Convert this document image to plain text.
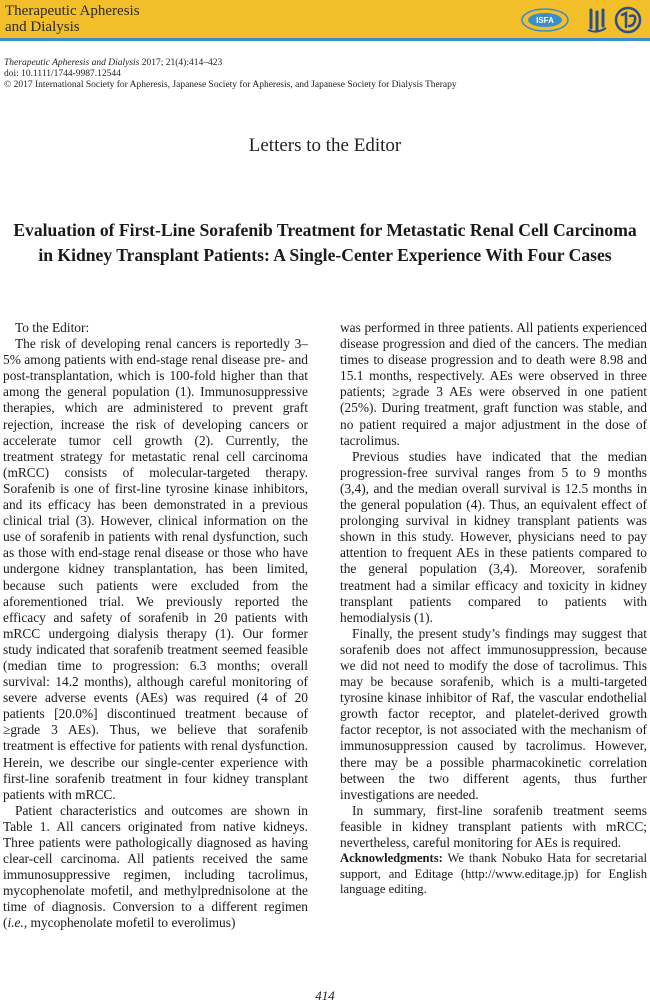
Therapeutic Apheresis
and Dialysis	ISFA
Therapeutic Apheresis and Dialysis 2017; 21(4):414–423
doi: 10.1111/1744-9987.12544
© 2017 International Society for Apheresis, Japanese Society for Apheresis, and Japanese Society for Dialysis Therapy
Letters to the Editor
Evaluation of First-Line Sorafenib Treatment for Metastatic Renal Cell Carcinoma in Kidney Transplant Patients: A Single-Center Experience With Four Cases

To the Editor:

The risk of developing renal cancers is reportedly 3–5% among patients with end-stage renal disease pre- and post-transplantation, which is 100-fold higher than that among the general population (1). Immunosuppressive therapies, which are administered to prevent graft rejection, increase the risk of developing cancers or accelerate tumor cell growth (2). Currently, the treatment strategy for metastatic renal cell carcinoma (mRCC) consists of molecular-targeted therapy. Sorafenib is one of first-line tyrosine kinase inhibitors, and its efficacy has been demonstrated in a previous clinical trial (3). However, clinical information on the use of sorafenib in patients with renal dysfunction, such as those with end-stage renal disease or those who have undergone kidney transplantation, has been limited, because such patients were excluded from the aforementioned trial. We previously reported the efficacy and safety of sorafenib in 20 patients with mRCC undergoing dialysis therapy (1). Our former study indicated that sorafenib treatment seemed feasible (median time to progression: 6.3 months; overall survival: 14.2 months), although careful monitoring of severe adverse events (AEs) was required (4 of 20 patients [20.0%] discontinued treatment because of ≥grade 3 AEs). Thus, we believe that sorafenib treatment is effective for patients with renal dysfunction. Herein, we describe our single-center experience with first-line sorafenib treatment in four kidney transplant patients with mRCC.

Patient characteristics and outcomes are shown in Table 1. All cancers originated from native kidneys. Three patients were pathologically diagnosed as having clear-cell carcinoma. All patients received the same immunosuppressive regimen, including tacrolimus, mycophenolate mofetil, and methylprednisolone at the time of diagnosis. Conversion to a different regimen (i.e., mycophenolate mofetil to everolimus)

was performed in three patients. All patients experienced disease progression and died of the cancers. The median times to disease progression and to death were 8.98 and 15.1 months, respectively. AEs were observed in three patients; ≥grade 3 AEs were observed in one patient (25%). During treatment, graft function was stable, and no patient required a major adjustment in the dose of tacrolimus.

Previous studies have indicated that the median progression-free survival ranges from 5 to 9 months (3,4), and the median overall survival is 12.5 months in the general population (4). Thus, an equivalent effect of prolonging survival in kidney transplant patients was shown in this study. However, physicians need to pay attention to frequent AEs in these patients compared to the general population (3,4). Moreover, sorafenib treatment had a similar efficacy and toxicity in kidney transplant patients compared to patients with hemodialysis (1).

Finally, the present study’s findings may suggest that sorafenib does not affect immunosuppression, because we did not need to modify the dose of tacrolimus. This may be because sorafenib, which is a multi-targeted tyrosine kinase inhibitor of Raf, the vascular endothelial growth factor receptor, and platelet-derived growth factor receptor, is not associated with the mechanism of immunosuppression caused by tacrolimus. However, there may be a possible pharmacokinetic correlation between the two different agents, thus further investigations are needed.

In summary, first-line sorafenib treatment seems feasible in kidney transplant patients with mRCC; nevertheless, careful monitoring for AEs is required.

Acknowledgments: We thank Nobuko Hata for secretarial support, and Editage (http://www.editage.jp) for English language editing.

414
